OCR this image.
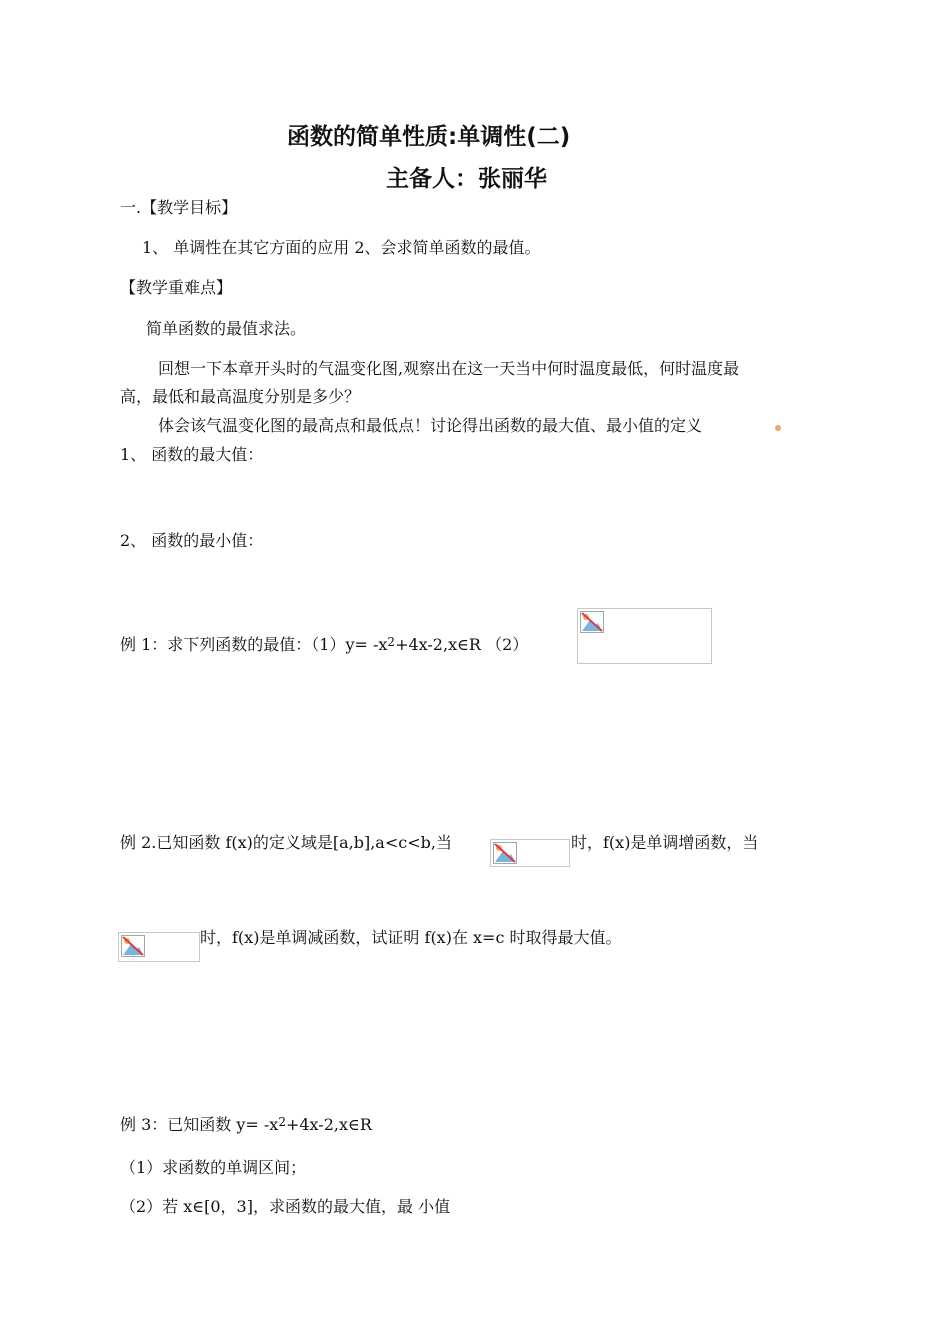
函数的简单性质:单调性(二)
主备人：张丽华
一.【教学目标】
1、 单调性在其它方面的应用 2、会求简单函数的最值。
【教学重难点】
简单函数的最值求法。
回想一下本章开头时的气温变化图,观察出在这一天当中何时温度最低，何时温度最
高，最低和最高温度分别是多少？
体会该气温变化图的最高点和最低点！讨论得出函数的最大值、最小值的定义
1、 函数的最大值：
2、 函数的最小值：
例 1：求下列函数的最值：$(1)y= -x^2+4x-2,x\in R$ （2）
例 2.已知函数 f(x)的定义域是[a,b],a<c<b,当	时，f(x)是单调增函数，当
时，f(x)是单调减函数，试证明 f(x)在 x=c 时取得最大值。
例 3：已知函数 $y= -x^2+4x-2,x\in R$
（1）求函数的单调区间；
（2）若 x∈[0，3]，求函数的最大值，最 小值
